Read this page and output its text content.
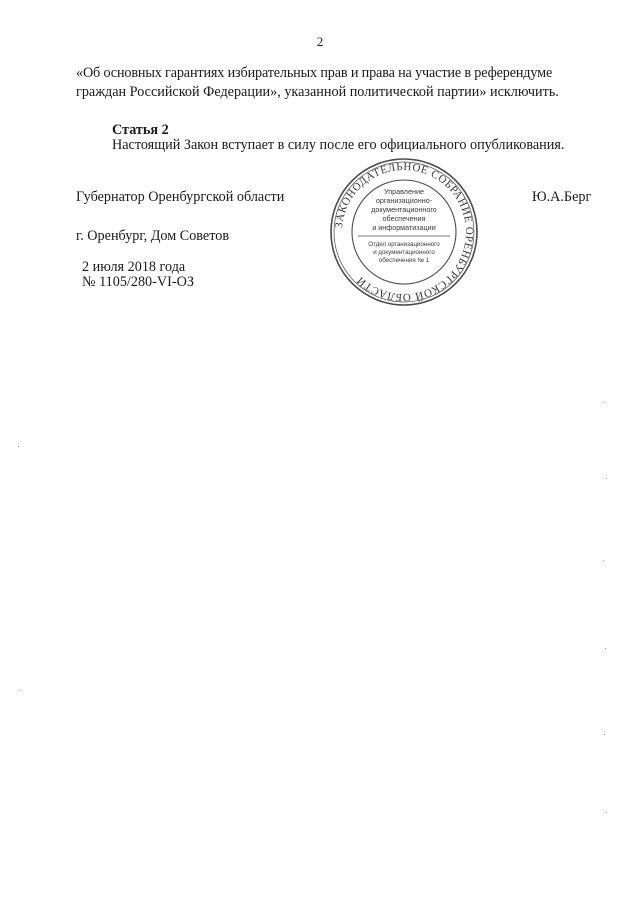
2
«Об основных гарантиях избирательных прав и права на участие в референдуме
граждан Российской Федерации», указанной политической партии» исключить.
Статья 2
Настоящий Закон вступает в силу после его официального опубликования.
Губернатор Оренбургской области	Ю.А.Берг
г. Оренбург, Дом Советов
2 июля 2018 года
№ 1105/280-VI-ОЗ
ЗАКОНОДАТЕЛЬНОЕ СОБРАНИЕ ОРЕНБУРГСКОЙ ОБЛАСТИ
Управление
организационно-
документационного
обеспечения
и информатизации
Отдел организационного
и документационного
обеспечения № 1
